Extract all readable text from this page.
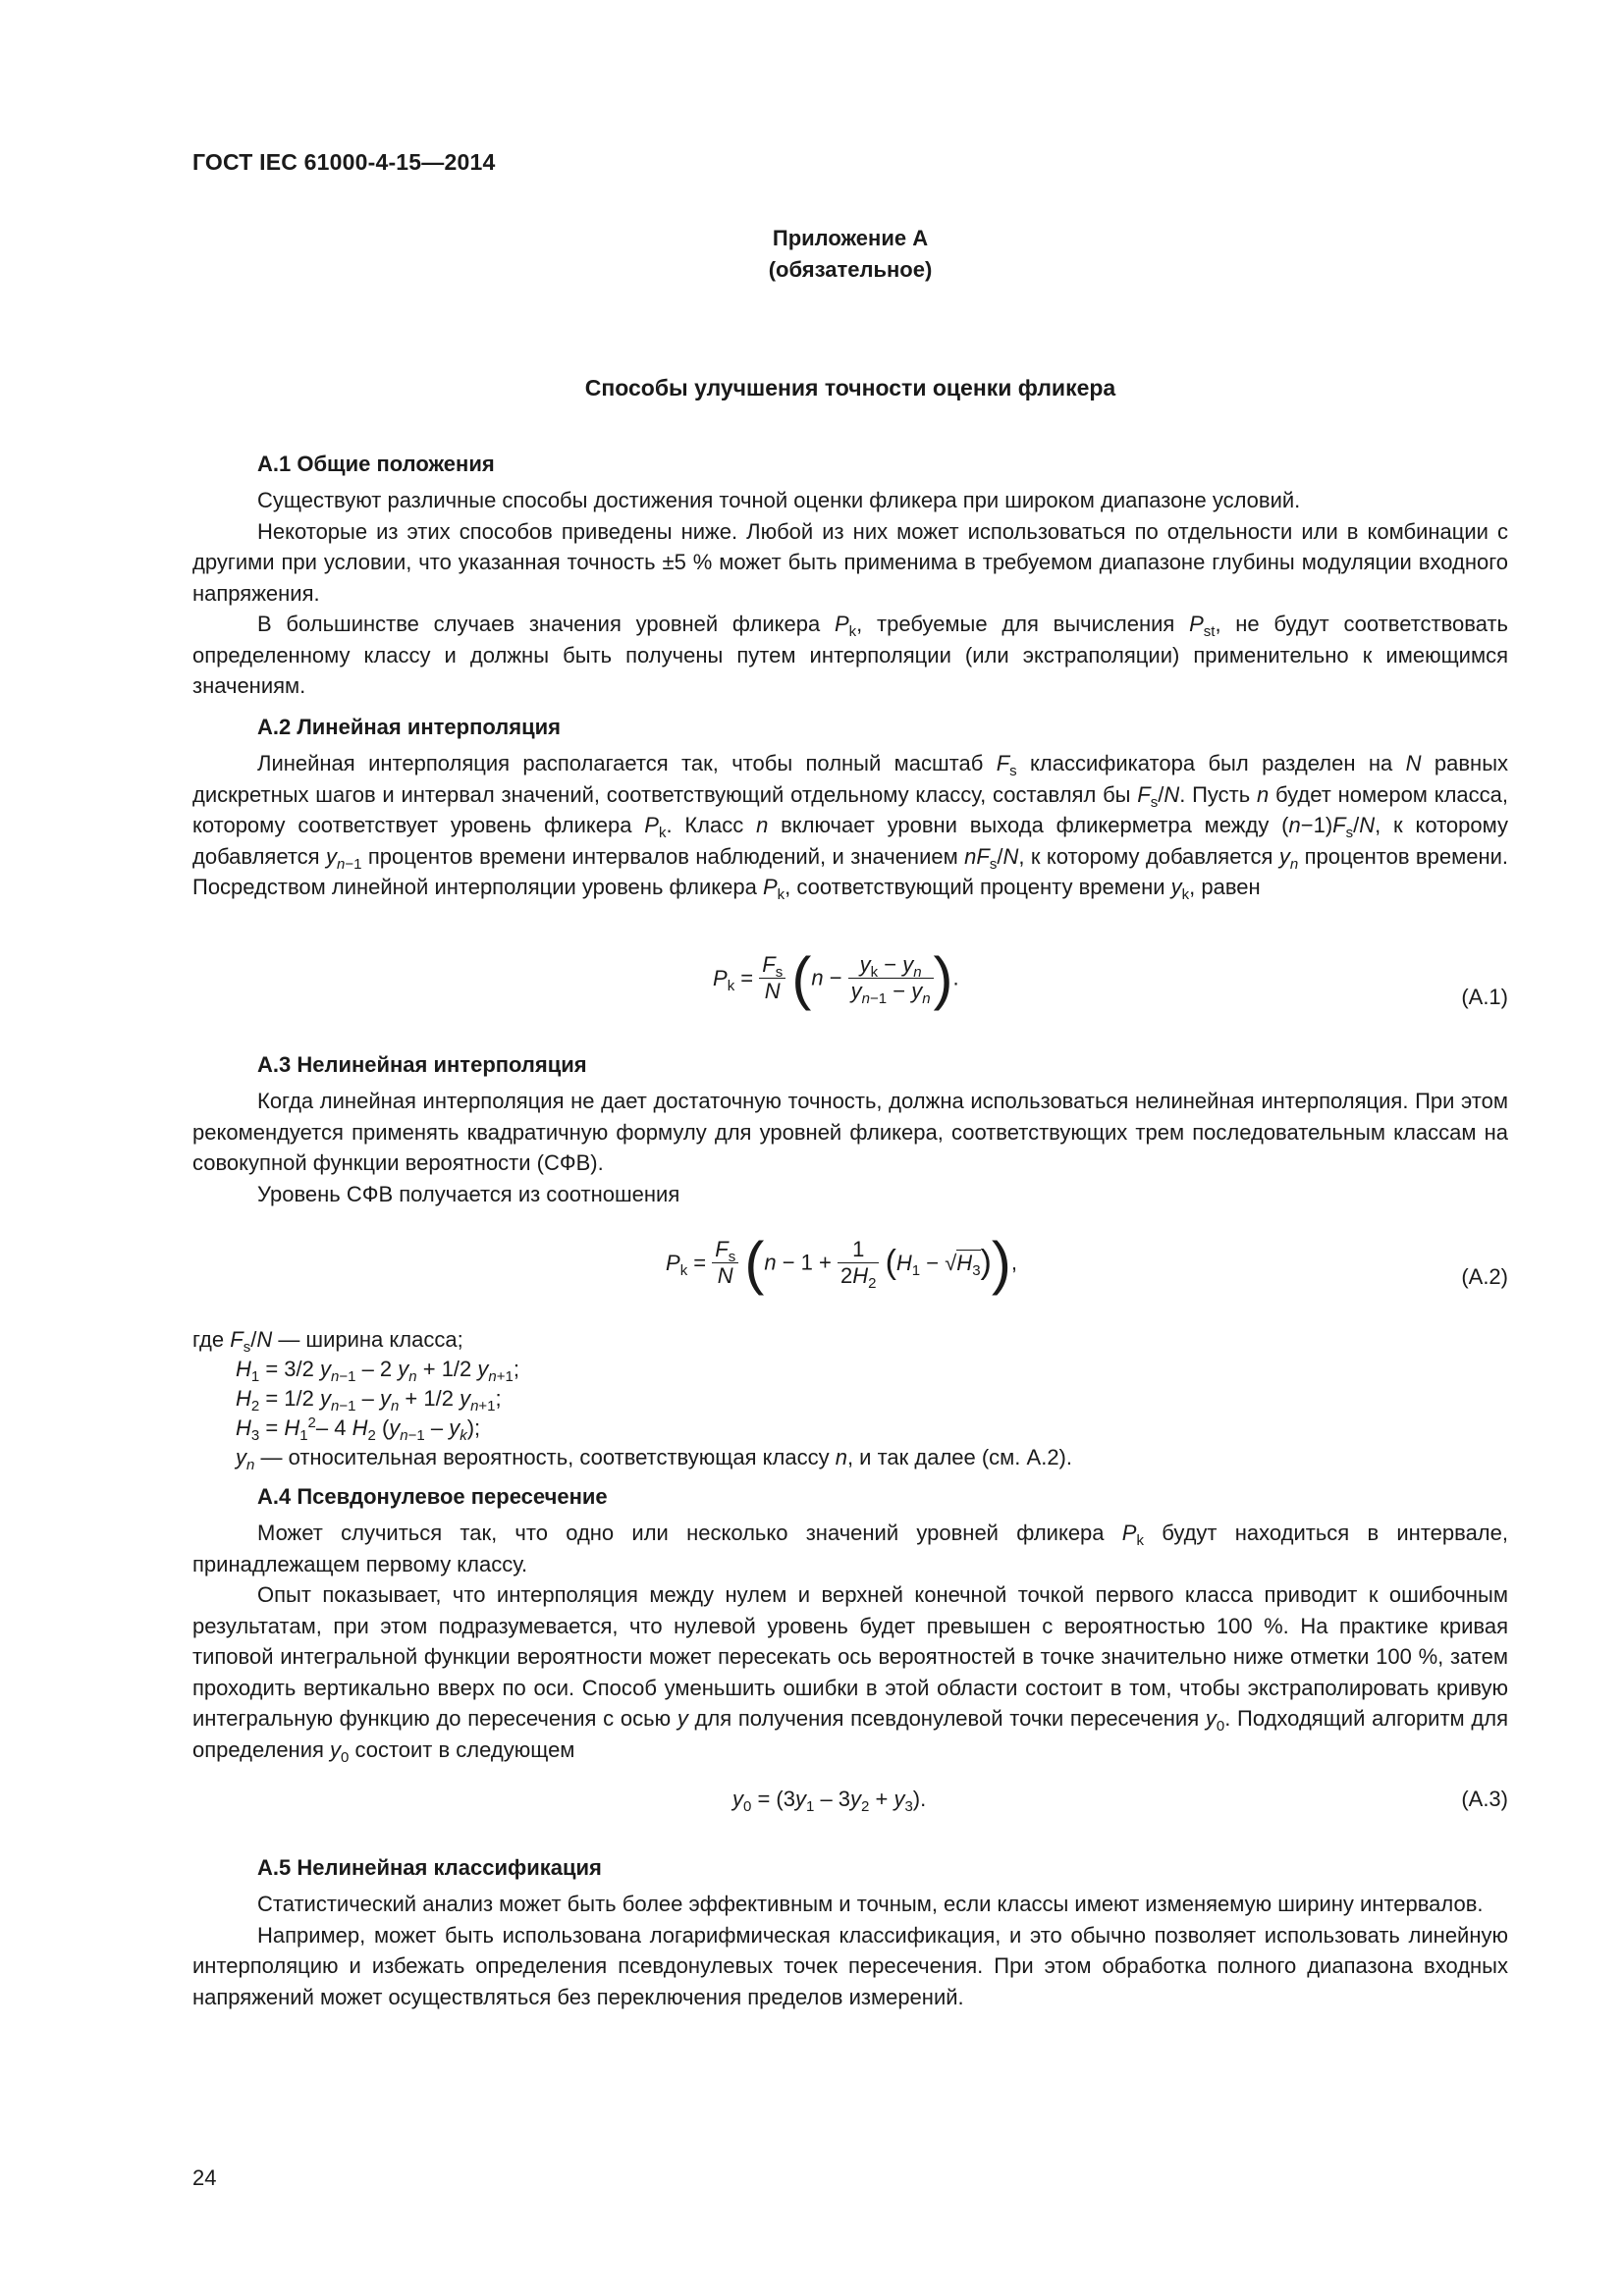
ГОСТ IEC 61000-4-15—2014
Приложение А
(обязательное)
Способы улучшения точности оценки фликера
А.1 Общие положения

Существуют различные способы достижения точной оценки фликера при широком диапазоне условий.

Некоторые из этих способов приведены ниже. Любой из них может использоваться по отдельности или в комбинации с другими при условии, что указанная точность ±5 % может быть применима в требуемом диапазоне глубины модуляции входного напряжения.

В большинстве случаев значения уровней фликера $P_k$, требуемые для вычисления $P_{st}$, не будут соответствовать определенному классу и должны быть получены путем интерполяции (или экстраполяции) применительно к имеющимся значениям.

А.2 Линейная интерполяция

Линейная интерполяция располагается так, чтобы полный масштаб $F_s$ классификатора был разделен на N равных дискретных шагов и интервал значений, соответствующий отдельному классу, составлял бы $F_s/N$. Пусть n будет номером класса, которому соответствует уровень фликера $P_k$. Класс n включает уровни выхода фликерметра между $(n-1)F_s/N$, к которому добавляется $y_{n-1}$ процентов времени интервалов наблюдений, и значением $nF_s/N$, к которому добавляется $y_n$ процентов времени. Посредством линейной интерполяции уровень фликера $P_k$, соответствующий проценту времени $y_k$, равен

$P_k = \frac{F_s}{N} (n - \frac{y_k - y_n}{y_{n-1} - y_n}$ ).
(А.1)
А.3 Нелинейная интерполяция

Когда линейная интерполяция не дает достаточную точность, должна использоваться нелинейная интерполяция. При этом рекомендуется применять квадратичную формулу для уровней фликера, соответствующих трем последовательным классам на совокупной функции вероятности (СФВ).

Уровень СФВ получается из соотношения

$P_k = \frac{F_s}{N} (n - 1 + \frac{1}{2H_2} (H_1 - √H_3))$,
(А.2)
где $F_s/N$ — ширина класса;
$H_1 = 3/2$ $y_{n-1} - 2$ $y_n + 1/2$ $y_{n+1}$;
$H_2 = 1/2$ $y_{n-1} - y_n + 1/2$ $y_{n+1}$;
$H_3 = H_1^2-$ 4 $H_2$ $(y_{n-1} - y_k)$;
$y_n$ — относительная вероятность, соответствующая классу n, и так далее (см. А.2).
А.4 Псевдонулевое пересечение

Может случиться так, что одно или несколько значений уровней фликера $P_k$ будут находиться в интервале, принадлежащем первому классу.

Опыт показывает, что интерполяция между нулем и верхней конечной точкой первого класса приводит к ошибочным результатам, при этом подразумевается, что нулевой уровень будет превышен с вероятностью 100 %. На практике кривая типовой интегральной функции вероятности может пересекать ось вероятностей в точке значительно ниже отметки 100 %, затем проходить вертикально вверх по оси. Способ уменьшить ошибки в этой области состоит в том, чтобы экстраполировать кривую интегральную функцию до пересечения с осью y для получения псевдонулевой точки пересечения $y_0$. Подходящий алгоритм для определения $y_0$ состоит в следующем

$y_0 = (3y_1 - 3y_2 + y_3)$.	(А.3)
А.5 Нелинейная классификация

Статистический анализ может быть более эффективным и точным, если классы имеют изменяемую ширину интервалов.

Например, может быть использована логарифмическая классификация, и это обычно позволяет использовать линейную интерполяцию и избежать определения псевдонулевых точек пересечения. При этом обработка полного диапазона входных напряжений может осуществляться без переключения пределов измерений.

24
